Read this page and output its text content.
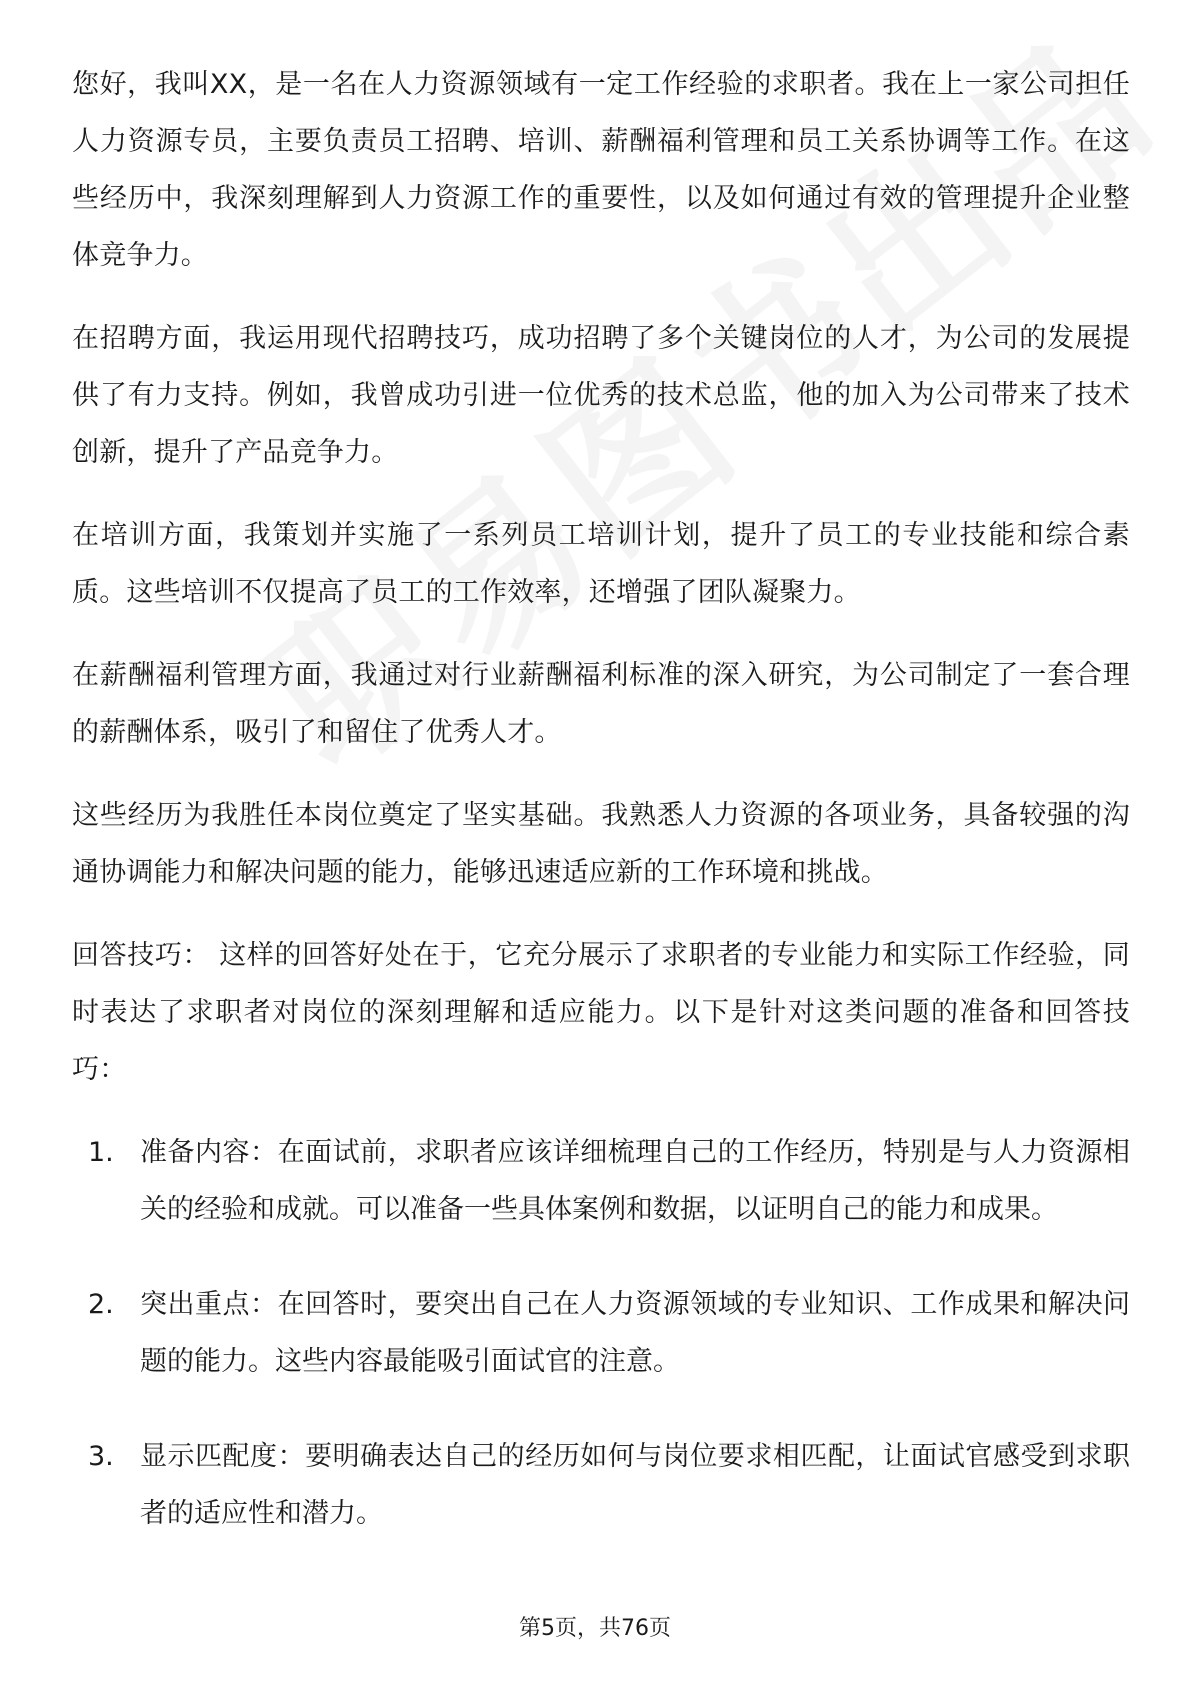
您好，我叫XX，是一名在人力资源领域有一定工作经验的求职者。我在上一家公司担任人力资源专员，主要负责员工招聘、培训、薪酬福利管理和员工关系协调等工作。在这些经历中，我深刻理解到人力资源工作的重要性，以及如何通过有效的管理提升企业整体竞争力。

在招聘方面，我运用现代招聘技巧，成功招聘了多个关键岗位的人才，为公司的发展提供了有力支持。例如，我曾成功引进一位优秀的技术总监，他的加入为公司带来了技术创新，提升了产品竞争力。

在培训方面，我策划并实施了一系列员工培训计划，提升了员工的专业技能和综合素质。这些培训不仅提高了员工的工作效率，还增强了团队凝聚力。

在薪酬福利管理方面，我通过对行业薪酬福利标准的深入研究，为公司制定了一套合理的薪酬体系，吸引了和留住了优秀人才。

这些经历为我胜任本岗位奠定了坚实基础。我熟悉人力资源的各项业务，具备较强的沟通协调能力和解决问题的能力，能够迅速适应新的工作环境和挑战。

回答技巧： 这样的回答好处在于，它充分展示了求职者的专业能力和实际工作经验，同时表达了求职者对岗位的深刻理解和适应能力。以下是针对这类问题的准备和回答技巧：

1. 准备内容：在面试前，求职者应该详细梳理自己的工作经历，特别是与人力资源相关的经验和成就。可以准备一些具体案例和数据，以证明自己的能力和成果。
2. 突出重点：在回答时，要突出自己在人力资源领域的专业知识、工作成果和解决问题的能力。这些内容最能吸引面试官的注意。
3. 显示匹配度：要明确表达自己的经历如何与岗位要求相匹配，让面试官感受到求职者的适应性和潜力。
第5页，共76页
